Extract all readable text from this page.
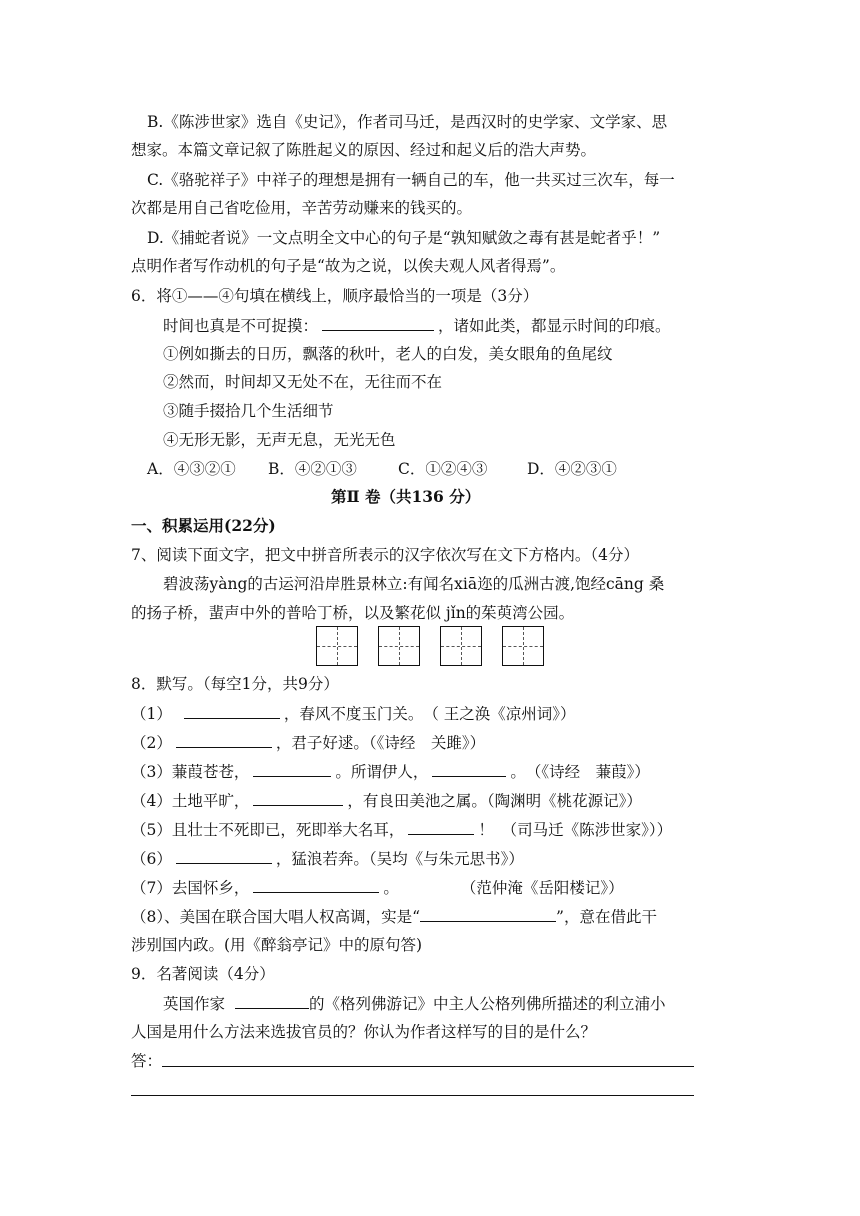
B.《陈涉世家》选自《史记》，作者司马迁，是西汉时的史学家、文学家、思
想家。本篇文章记叙了陈胜起义的原因、经过和起义后的浩大声势。
C.《骆驼祥子》中祥子的理想是拥有一辆自己的车，他一共买过三次车，每一
次都是用自己省吃俭用，辛苦劳动赚来的钱买的。
D.《捕蛇者说》一文点明全文中心的句子是“孰知赋敛之毒有甚是蛇者乎！”
点明作者写作动机的句子是“故为之说，以俟夫观人风者得焉”。
6．将①——④句填在横线上，顺序最恰当的一项是（3分）
时间也真是不可捉摸：	，诸如此类，都显示时间的印痕。
①例如撕去的日历，飘落的秋叶，老人的白发，美女眼角的鱼尾纹
②然而，时间却又无处不在，无往而不在
③随手掇拾几个生活细节
④无形无影，无声无息，无光无色
A．④③②① B．④②①③	C．①②④③	D．④②③①
第Ⅱ 卷（共136 分）
一、积累运用(22分)
7、阅读下面文字，把文中拼音所表示的汉字依次写在文下方格内。（4分）
碧波荡yàng的古运河沿岸胜景林立:有闻名xiā迩的瓜洲古渡,饱经cāng 桑
的扬子桥，蜚声中外的普哈丁桥，以及繁花似 jǐn的茱萸湾公园。
8．默写。（每空1分，共9分）
（1）	，春风不度玉门关。　（ 王之涣《凉州词》）
（2）	，君子好逑。（《诗经　关雎》）
（3）蒹葭苍苍，	。所谓伊人，	。　（《诗经　蒹葭》）
（4）土地平旷，	，有良田美池之属。（陶渊明《桃花源记》）
（5）且壮士不死即已，死即举大名耳，	！　（司马迁《陈涉世家》））
（6）	，猛浪若奔。（吴均《与朱元思书》）
（7）去国怀乡，	。	（范仲淹《岳阳楼记》）
（8）、美国在联合国大唱人权高调，实是“	”，意在借此干
涉别国内政。(用《醉翁亭记》中的原句答)
9．名著阅读（4分）
英国作家	的《格列佛游记》中主人公格列佛所描述的利立浦小
人国是用什么方法来选拔官员的？你认为作者这样写的目的是什么？
答：
